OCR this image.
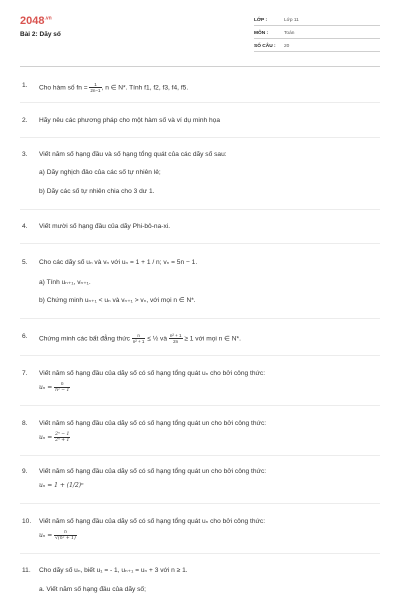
$2048^{.vn}$
Bài 2: Dãy số
LỚP :	Lớp 11
MÔN :	Toán
SỐ CÂU : 20
1. Cho hàm số fn = $\frac{1}{2n-1}$ , n ∈ N*. Tính f1, f2, f3, f4, f5.
2. Hãy nêu các phương pháp cho một hàm số và ví dụ minh họa
3. Viết năm số hạng đầu và số hạng tổng quát của các dãy số sau:
a) Dãy nghịch đảo của các số tự nhiên lẻ;
b) Dãy các số tự nhiên chia cho 3 dư 1.
4. Viết mười số hạng đầu của dãy Phi-bô-na-xi.
5. Cho các dãy số uₙ và vₙ với uₙ = 1 + 1 / n; vₙ = 5n − 1.
a) Tính uₙ₊₁, vₙ₊₁.
b) Chứng minh uₙ₊₁ < uₙ và vₙ₊₁ > vₙ, với mọi n ∈ N*.
6. Chứng minh các bất đẳng thức $\frac{n}{\text{n² + 1}}$ ≤ ½ và $\frac{\text{n² + 1}}{2n} \ge 1$ với mọi n ∈ N*.
7. Viết năm số hạng đầu của dãy số có số hạng tổng quát uₙ cho bởi công thức:
$u_n = \frac{n}{\text{n² − 1}}$
8. Viết năm số hạng đầu của dãy số có số hạng tổng quát un cho bởi công thức:
$u_n = \frac{\text{2ⁿ − 1}}{\text{2ⁿ + 1}}$
9. Viết năm số hạng đầu của dãy số có số hạng tổng quát un cho bởi công thức:
uₙ = 1 + (1/2)ⁿ
10. Viết năm số hạng đầu của dãy số có số hạng tổng quát uₙ cho bởi công thức:
$u_n = \frac{n}{\text{√(n² + 1)}}$
11. Cho dãy số uₙ, biết u₁ = - 1, uₙ₊₁ = uₙ + 3 với n ≥ 1.
a. Viết năm số hạng đầu của dãy số;
